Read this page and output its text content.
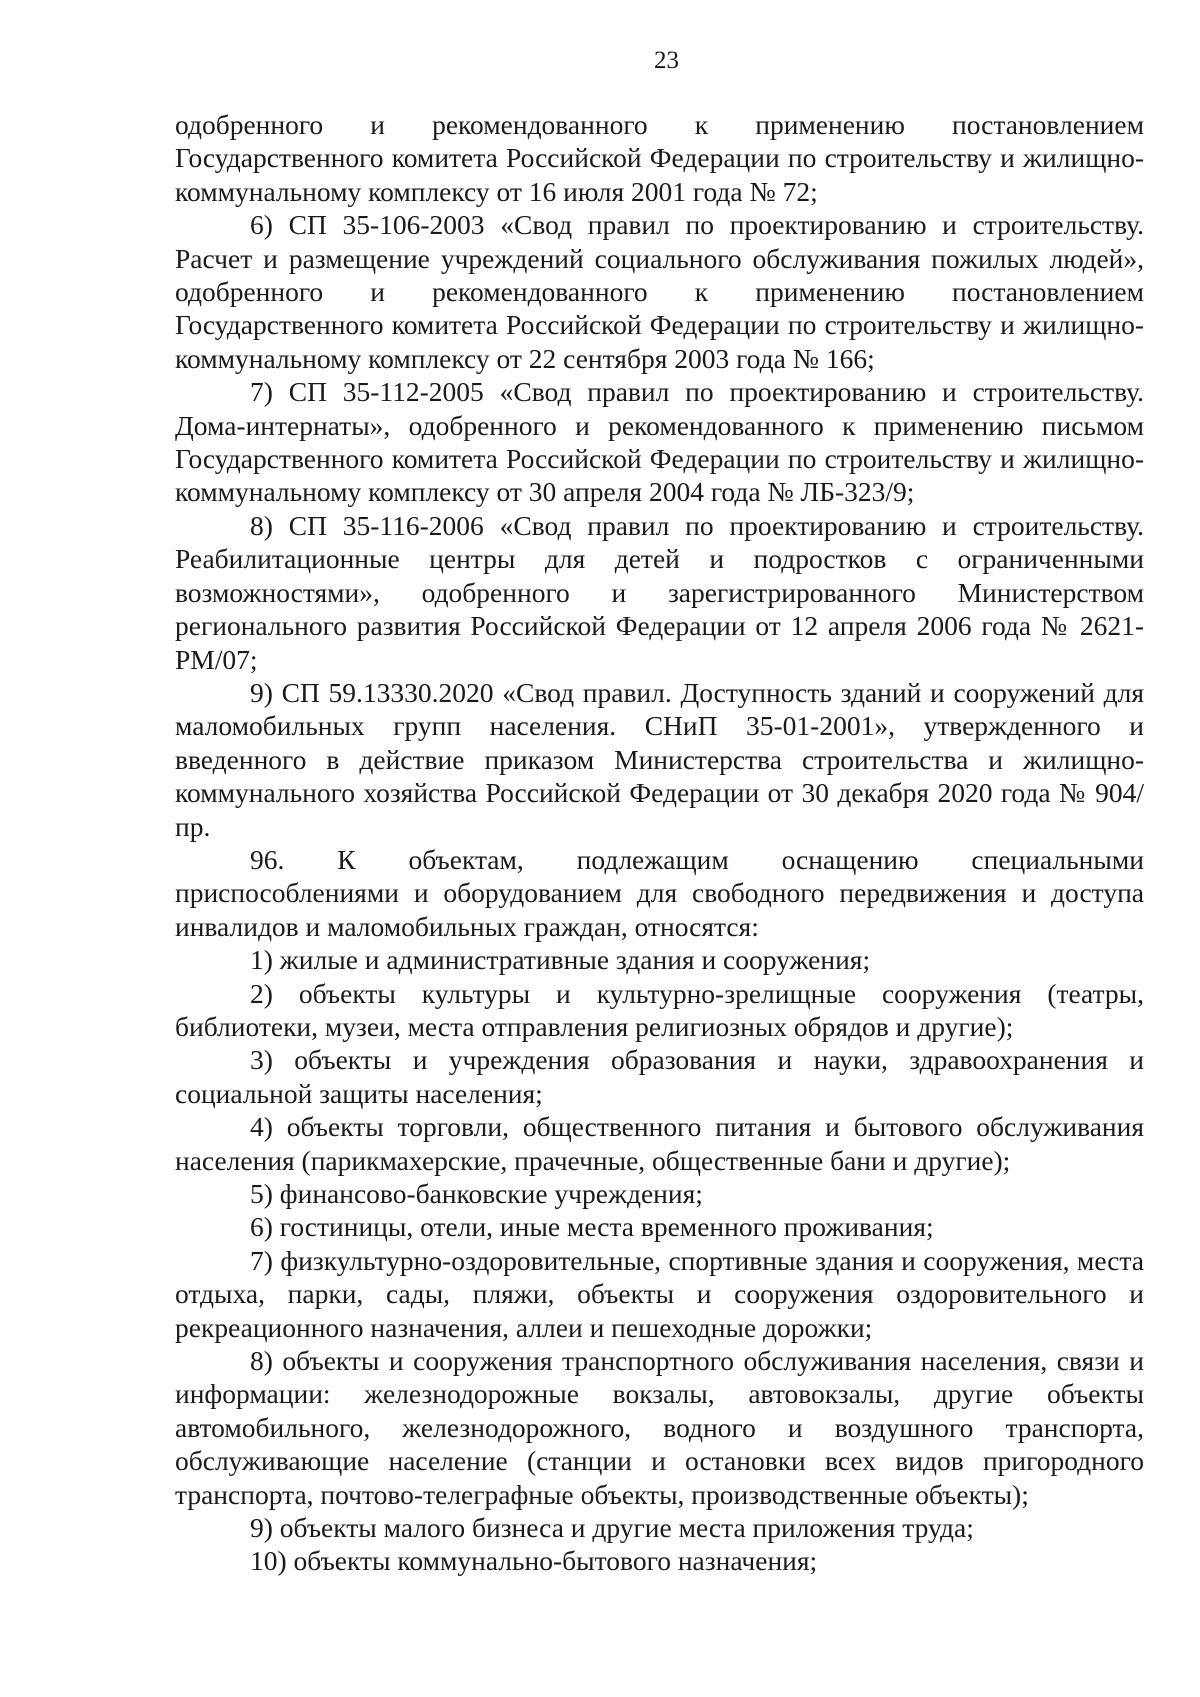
23

одобренного и рекомендованного к применению постановлением Государственного комитета Российской Федерации по строительству и жилищно-коммунальному комплексу от 16 июля 2001 года № 72;

6) СП 35-106-2003 «Свод правил по проектированию и строительству. Расчет и размещение учреждений социального обслуживания пожилых людей», одобренного и рекомендованного к применению постановлением Государственного комитета Российской Федерации по строительству и жилищно-коммунальному комплексу от 22 сентября 2003 года № 166;

7) СП 35-112-2005 «Свод правил по проектированию и строительству. Дома-интернаты», одобренного и рекомендованного к применению письмом Государственного комитета Российской Федерации по строительству и жилищно-коммунальному комплексу от 30 апреля 2004 года № ЛБ-323/9;

8) СП 35-116-2006 «Свод правил по проектированию и строительству. Реабилитационные центры для детей и подростков с ограниченными возможностями», одобренного и зарегистрированного Министерством регионального развития Российской Федерации от 12 апреля 2006 года № 2621-РМ/07;

9) СП 59.13330.2020 «Свод правил. Доступность зданий и сооружений для маломобильных групп населения. СНиП 35-01-2001», утвержденного и введенного в действие приказом Министерства строительства и жилищно-коммунального хозяйства Российской Федерации от 30 декабря 2020 года № 904/пр.

96. К объектам, подлежащим оснащению специальными приспособлениями и оборудованием для свободного передвижения и доступа инвалидов и маломобильных граждан, относятся:

1) жилые и административные здания и сооружения;

2) объекты культуры и культурно-зрелищные сооружения (театры, библиотеки, музеи, места отправления религиозных обрядов и другие);

3) объекты и учреждения образования и науки, здравоохранения и социальной защиты населения;

4) объекты торговли, общественного питания и бытового обслуживания населения (парикмахерские, прачечные, общественные бани и другие);

5) финансово-банковские учреждения;

6) гостиницы, отели, иные места временного проживания;

7) физкультурно-оздоровительные, спортивные здания и сооружения, места отдыха, парки, сады, пляжи, объекты и сооружения оздоровительного и рекреационного назначения, аллеи и пешеходные дорожки;

8) объекты и сооружения транспортного обслуживания населения, связи и информации: железнодорожные вокзалы, автовокзалы, другие объекты автомобильного, железнодорожного, водного и воздушного транспорта, обслуживающие население (станции и остановки всех видов пригородного транспорта, почтово-телеграфные объекты, производственные объекты);

9) объекты малого бизнеса и другие места приложения труда;

10) объекты коммунально-бытового назначения;
